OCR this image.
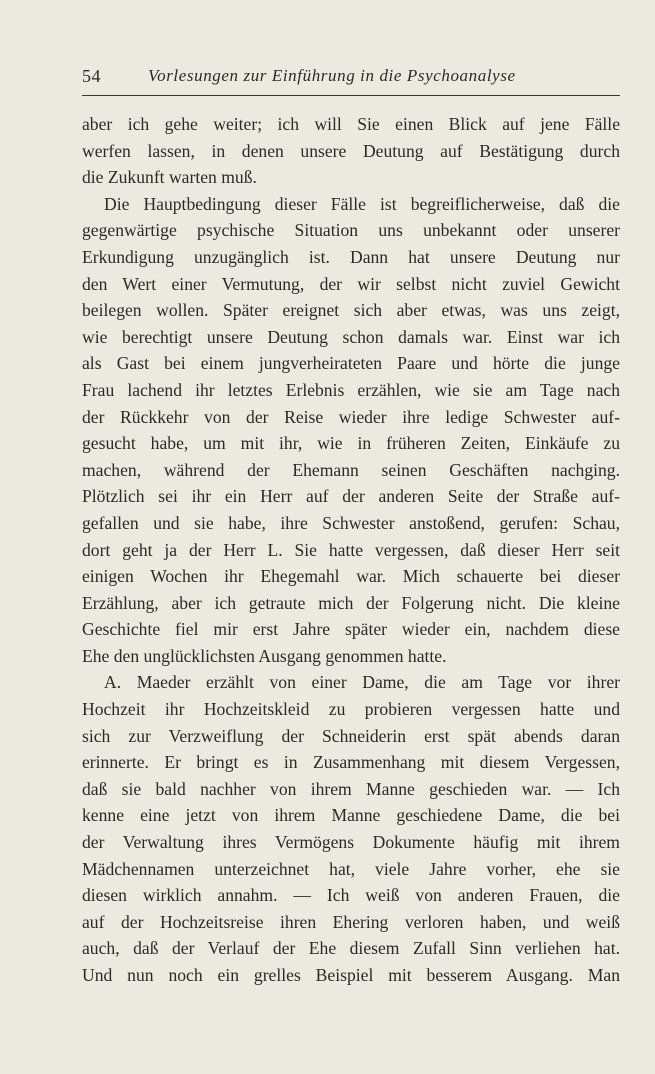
54	Vorlesungen zur Einführung in die Psychoanalyse
aber ich gehe weiter; ich will Sie einen Blick auf jene Fälle
werfen lassen, in denen unsere Deutung auf Bestätigung durch
die Zukunft warten muß.
Die Hauptbedingung dieser Fälle ist begreiflicherweise, daß die
gegenwärtige psychische Situation uns unbekannt oder unserer
Erkundigung unzugänglich ist. Dann hat unsere Deutung nur
den Wert einer Vermutung, der wir selbst nicht zuviel Gewicht
beilegen wollen. Später ereignet sich aber etwas, was uns zeigt,
wie berechtigt unsere Deutung schon damals war. Einst war ich
als Gast bei einem jungverheirateten Paare und hörte die junge
Frau lachend ihr letztes Erlebnis erzählen, wie sie am Tage nach
der Rückkehr von der Reise wieder ihre ledige Schwester auf-
gesucht habe, um mit ihr, wie in früheren Zeiten, Einkäufe zu
machen, während der Ehemann seinen Geschäften nachging.
Plötzlich sei ihr ein Herr auf der anderen Seite der Straße auf-
gefallen und sie habe, ihre Schwester anstoßend, gerufen: Schau,
dort geht ja der Herr L. Sie hatte vergessen, daß dieser Herr seit
einigen Wochen ihr Ehegemahl war. Mich schauerte bei dieser
Erzählung, aber ich getraute mich der Folgerung nicht. Die kleine
Geschichte fiel mir erst Jahre später wieder ein, nachdem diese
Ehe den unglücklichsten Ausgang genommen hatte.
A. Maeder erzählt von einer Dame, die am Tage vor ihrer
Hochzeit ihr Hochzeitskleid zu probieren vergessen hatte und
sich zur Verzweiflung der Schneiderin erst spät abends daran
erinnerte. Er bringt es in Zusammenhang mit diesem Vergessen,
daß sie bald nachher von ihrem Manne geschieden war. — Ich
kenne eine jetzt von ihrem Manne geschiedene Dame, die bei
der Verwaltung ihres Vermögens Dokumente häufig mit ihrem
Mädchennamen unterzeichnet hat, viele Jahre vorher, ehe sie
diesen wirklich annahm. — Ich weiß von anderen Frauen, die
auf der Hochzeitsreise ihren Ehering verloren haben, und weiß
auch, daß der Verlauf der Ehe diesem Zufall Sinn verliehen hat.
Und nun noch ein grelles Beispiel mit besserem Ausgang. Man
